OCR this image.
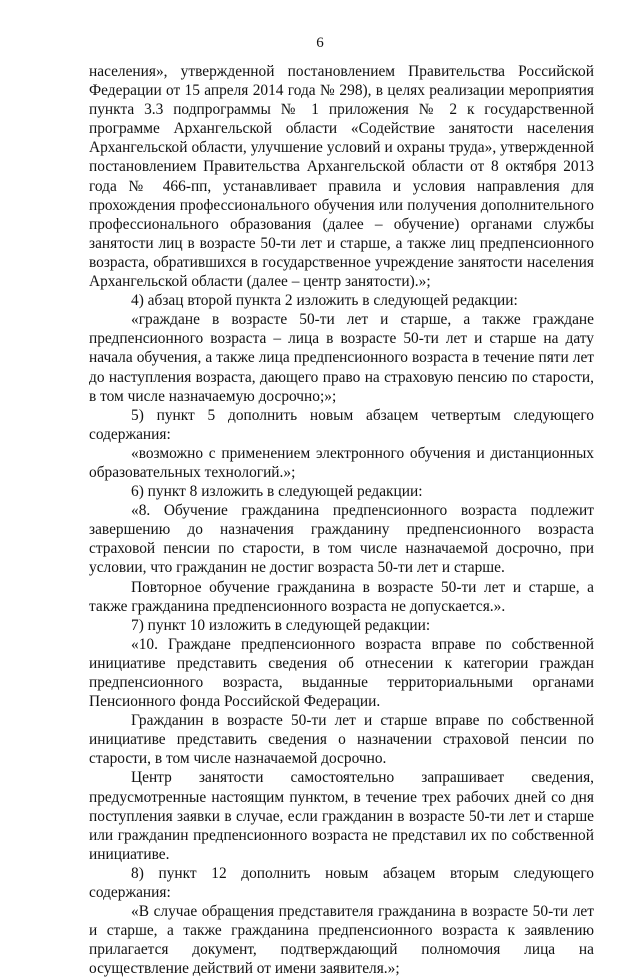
6

населения», утвержденной постановлением Правительства Российской Федерации от 15 апреля 2014 года № 298), в целях реализации мероприятия пункта 3.3 подпрограммы № 1 приложения № 2 к государственной программе Архангельской области «Содействие занятости населения Архангельской области, улучшение условий и охраны труда», утвержденной постановлением Правительства Архангельской области от 8 октября 2013 года № 466-пп, устанавливает правила и условия направления для прохождения профессионального обучения или получения дополнительного профессионального образования (далее – обучение) органами службы занятости лиц в возрасте 50-ти лет и старше, а также лиц предпенсионного возраста, обратившихся в государственное учреждение занятости населения Архангельской области (далее – центр занятости).»;

4) абзац второй пункта 2 изложить в следующей редакции:

«граждане в возрасте 50-ти лет и старше, а также граждане предпенсионного возраста – лица в возрасте 50-ти лет и старше на дату начала обучения, а также лица предпенсионного возраста в течение пяти лет до наступления возраста, дающего право на страховую пенсию по старости, в том числе назначаемую досрочно;»;

5) пункт 5 дополнить новым абзацем четвертым следующего содержания:

«возможно с применением электронного обучения и дистанционных образовательных технологий.»;

6) пункт 8 изложить в следующей редакции:

«8. Обучение гражданина предпенсионного возраста подлежит завершению до назначения гражданину предпенсионного возраста страховой пенсии по старости, в том числе назначаемой досрочно, при условии, что гражданин не достиг возраста 50-ти лет и старше.

Повторное обучение гражданина в возрасте 50-ти лет и старше, а также гражданина предпенсионного возраста не допускается.».

7) пункт 10 изложить в следующей редакции:

«10. Граждане предпенсионного возраста вправе по собственной инициативе представить сведения об отнесении к категории граждан предпенсионного возраста, выданные территориальными органами Пенсионного фонда Российской Федерации.

Гражданин в возрасте 50-ти лет и старше вправе по собственной инициативе представить сведения о назначении страховой пенсии по старости, в том числе назначаемой досрочно.

Центр занятости самостоятельно запрашивает сведения, предусмотренные настоящим пунктом, в течение трех рабочих дней со дня поступления заявки в случае, если гражданин в возрасте 50-ти лет и старше или гражданин предпенсионного возраста не представил их по собственной инициативе.

8) пункт 12 дополнить новым абзацем вторым следующего содержания:

«В случае обращения представителя гражданина в возрасте 50-ти лет и старше, а также гражданина предпенсионного возраста к заявлению прилагается документ, подтверждающий полномочия лица на осуществление действий от имени заявителя.»;
